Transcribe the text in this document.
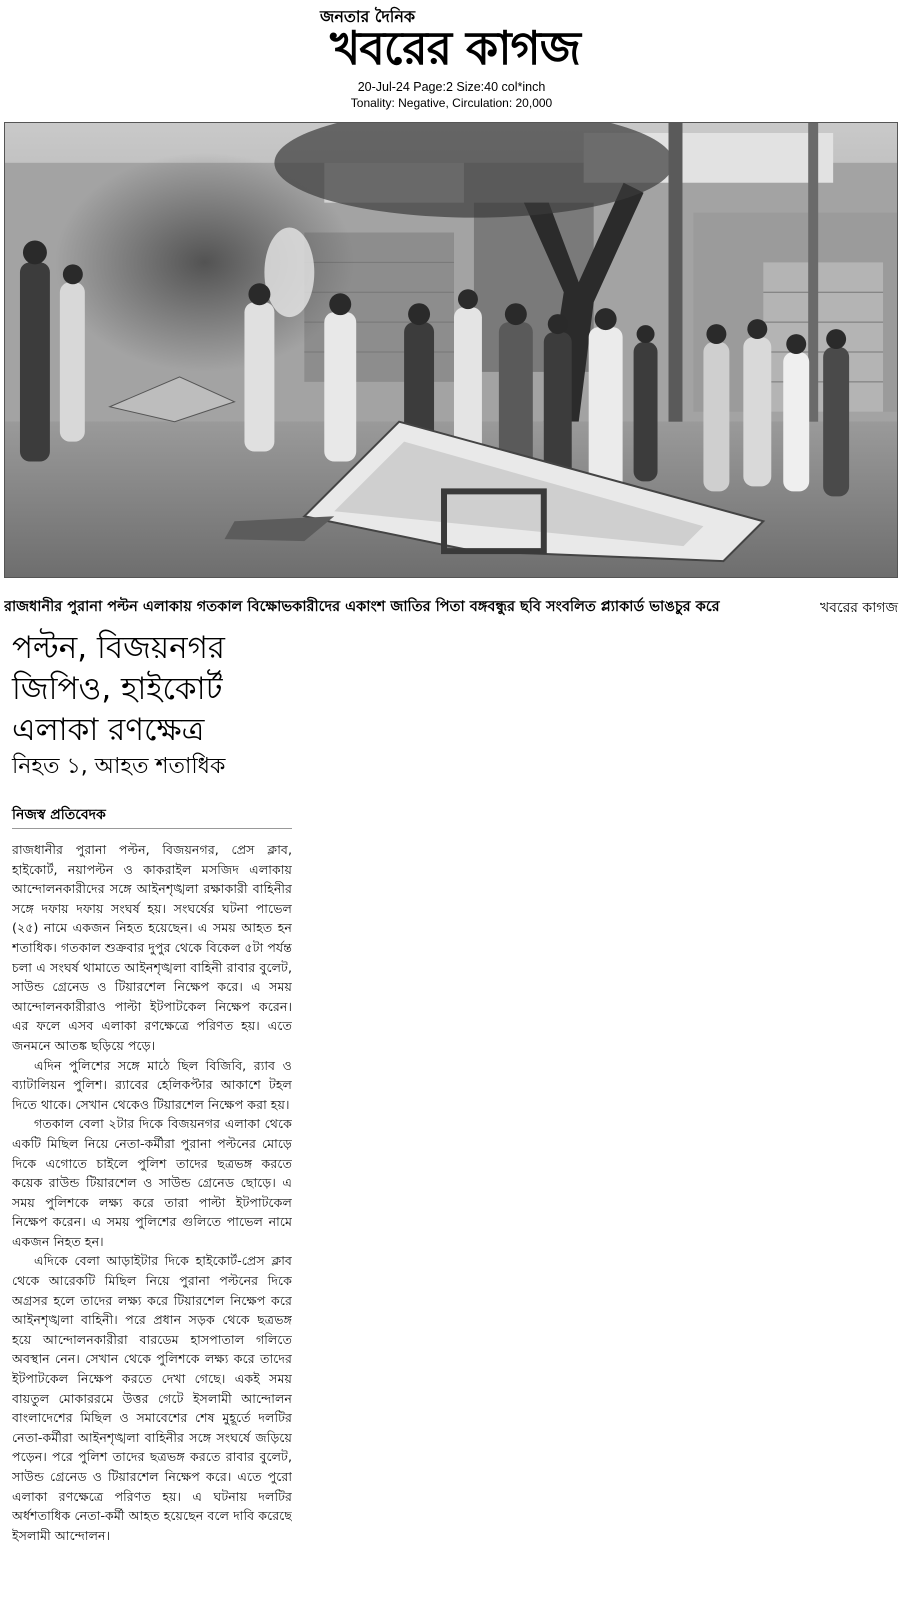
জনতার দৈনিক
খবরের কাগজ
20-Jul-24 Page:2 Size:40 col*inch
Tonality: Negative, Circulation: 20,000
রাজধানীর পুরানা পল্টন এলাকায় গতকাল বিক্ষোভকারীদের একাংশ জাতির পিতা বঙ্গবন্ধুর ছবি সংবলিত প্ল্যাকার্ড ভাঙচুর করে	খবরের কাগজ
পল্টন, বিজয়নগর
জিপিও, হাইকোর্ট
এলাকা রণক্ষেত্র
নিহত ১, আহত শতাধিক
নিজস্ব প্রতিবেদক

রাজধানীর পুরানা পল্টন, বিজয়নগর, প্রেস ক্লাব, হাইকোর্ট, নয়াপল্টন ও কাকরাইল মসজিদ এলাকায় আন্দোলনকারীদের সঙ্গে আইনশৃঙ্খলা রক্ষাকারী বাহিনীর সঙ্গে দফায় দফায় সংঘর্ষ হয়। সংঘর্ষের ঘটনা পাভেল (২৫) নামে একজন নিহত হয়েছেন। এ সময় আহত হন শতাধিক। গতকাল শুক্রবার দুপুর থেকে বিকেল ৫টা পর্যন্ত চলা এ সংঘর্ষ থামাতে আইনশৃঙ্খলা বাহিনী রাবার বুলেট, সাউন্ড গ্রেনেড ও টিয়ারশেল নিক্ষেপ করে। এ সময় আন্দোলনকারীরাও পাল্টা ইটপাটকেল নিক্ষেপ করেন। এর ফলে এসব এলাকা রণক্ষেত্রে পরিণত হয়। এতে জনমনে আতঙ্ক ছড়িয়ে পড়ে।

এদিন পুলিশের সঙ্গে মাঠে ছিল বিজিবি, র‍্যাব ও ব্যাটালিয়ন পুলিশ। র‍্যাবের হেলিকপ্টার আকাশে টহল দিতে থাকে। সেখান থেকেও টিয়ারশেল নিক্ষেপ করা হয়।

গতকাল বেলা ২টার দিকে বিজয়নগর এলাকা থেকে একটি মিছিল নিয়ে নেতা-কর্মীরা পুরানা পল্টনের মোড়ে দিকে এগোতে চাইলে পুলিশ তাদের ছত্রভঙ্গ করতে কয়েক রাউন্ড টিয়ারশেল ও সাউন্ড গ্রেনেড ছোড়ে। এ সময় পুলিশকে লক্ষ্য করে তারা পাল্টা ইটপাটকেল নিক্ষেপ করেন। এ সময় পুলিশের গুলিতে পাভেল নামে একজন নিহত হন।

এদিকে বেলা আড়াইটার দিকে হাইকোর্ট-প্রেস ক্লাব থেকে আরেকটি মিছিল নিয়ে পুরানা পল্টনের দিকে অগ্রসর হলে তাদের লক্ষ্য করে টিয়ারশেল নিক্ষেপ করে আইনশৃঙ্খলা বাহিনী। পরে প্রধান সড়ক থেকে ছত্রভঙ্গ হয়ে আন্দোলনকারীরা বারডেম হাসপাতাল গলিতে অবস্থান নেন। সেখান থেকে পুলিশকে লক্ষ্য করে তাদের ইটপাটকেল নিক্ষেপ করতে দেখা গেছে। একই সময় বায়তুল মোকাররমে উত্তর গেটে ইসলামী আন্দোলন বাংলাদেশের মিছিল ও সমাবেশের শেষ মুহূর্তে দলটির নেতা-কর্মীরা আইনশৃঙ্খলা বাহিনীর সঙ্গে সংঘর্ষে জড়িয়ে পড়েন। পরে পুলিশ তাদের ছত্রভঙ্গ করতে রাবার বুলেট, সাউন্ড গ্রেনেড ও টিয়ারশেল নিক্ষেপ করে। এতে পুরো এলাকা রণক্ষেত্রে পরিণত হয়। এ ঘটনায় দলটির অর্ধশতাধিক নেতা-কর্মী আহত হয়েছেন বলে দাবি করেছে ইসলামী আন্দোলন।
